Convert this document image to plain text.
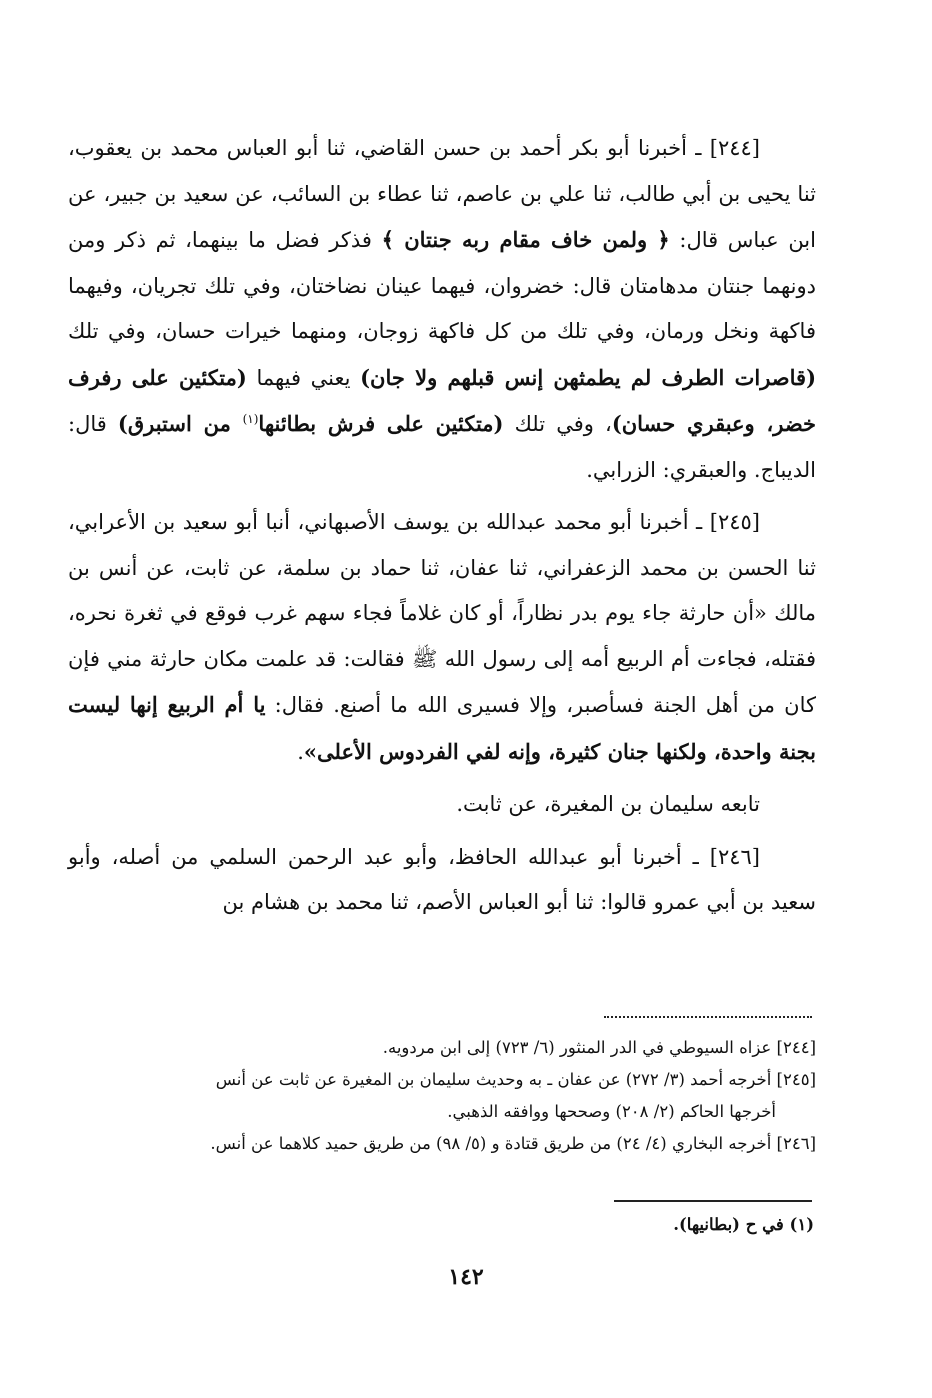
[٢٤٤] ـ أخبرنا أبو بكر أحمد بن حسن القاضي، ثنا أبو العباس محمد بن يعقوب، ثنا يحيى بن أبي طالب، ثنا علي بن عاصم، ثنا عطاء بن السائب، عن سعيد بن جبير، عن ابن عباس قال: ﴿ ولمن خاف مقام ربه جنتان ﴾ فذكر فضل ما بينهما، ثم ذكر ومن دونهما جنتان مدهامتان قال: خضروان، فيهما عينان نضاختان، وفي تلك تجريان، وفيهما فاكهة ونخل ورمان، وفي تلك من كل فاكهة زوجان، ومنهما خيرات حسان، وفي تلك (قاصرات الطرف لم يطمثهن إنس قبلهم ولا جان) يعني فيهما (متكئين على رفرف خضر، وعبقري حسان)، وفي تلك (متكئين على فرش بطائنها$^{(١)}$ من استبرق) قال: الديباج. والعبقري: الزرابي.

[٢٤٥] ـ أخبرنا أبو محمد عبدالله بن يوسف الأصبهاني، أنبا أبو سعيد بن الأعرابي، ثنا الحسن بن محمد الزعفراني، ثنا عفان، ثنا حماد بن سلمة، عن ثابت، عن أنس بن مالك «أن حارثة جاء يوم بدر نظاراً، أو كان غلاماً فجاء سهم غرب فوقع في ثغرة نحره، فقتله، فجاءت أم الربيع أمه إلى رسول الله ﷺ فقالت: قد علمت مكان حارثة مني فإن كان من أهل الجنة فسأصبر، وإلا فسيرى الله ما أصنع. فقال: يا أم الربيع إنها ليست بجنة واحدة، ولكنها جنان كثيرة، وإنه لفي الفردوس الأعلى».

تابعه سليمان بن المغيرة، عن ثابت.

[٢٤٦] ـ أخبرنا أبو عبدالله الحافظ، وأبو عبد الرحمن السلمي من أصله، وأبو سعيد بن أبي عمرو قالوا: ثنا أبو العباس الأصم، ثنا محمد بن هشام بن

[٢٤٤] عزاه السيوطي في الدر المنثور (٦/ ٧٢٣) إلى ابن مردويه.

[٢٤٥] أخرجه أحمد (٣/ ٢٧٢) عن عفان ـ به وحديث سليمان بن المغيرة عن ثابت عن أنس

أخرجها الحاكم (٢/ ٢٠٨) وصححها ووافقه الذهبي.

[٢٤٦] أخرجه البخاري (٤/ ٢٤) من طريق قتادة و (٥/ ٩٨) من طريق حميد كلاهما عن أنس.

(١) في ح (بطانيها).
١٤٢
